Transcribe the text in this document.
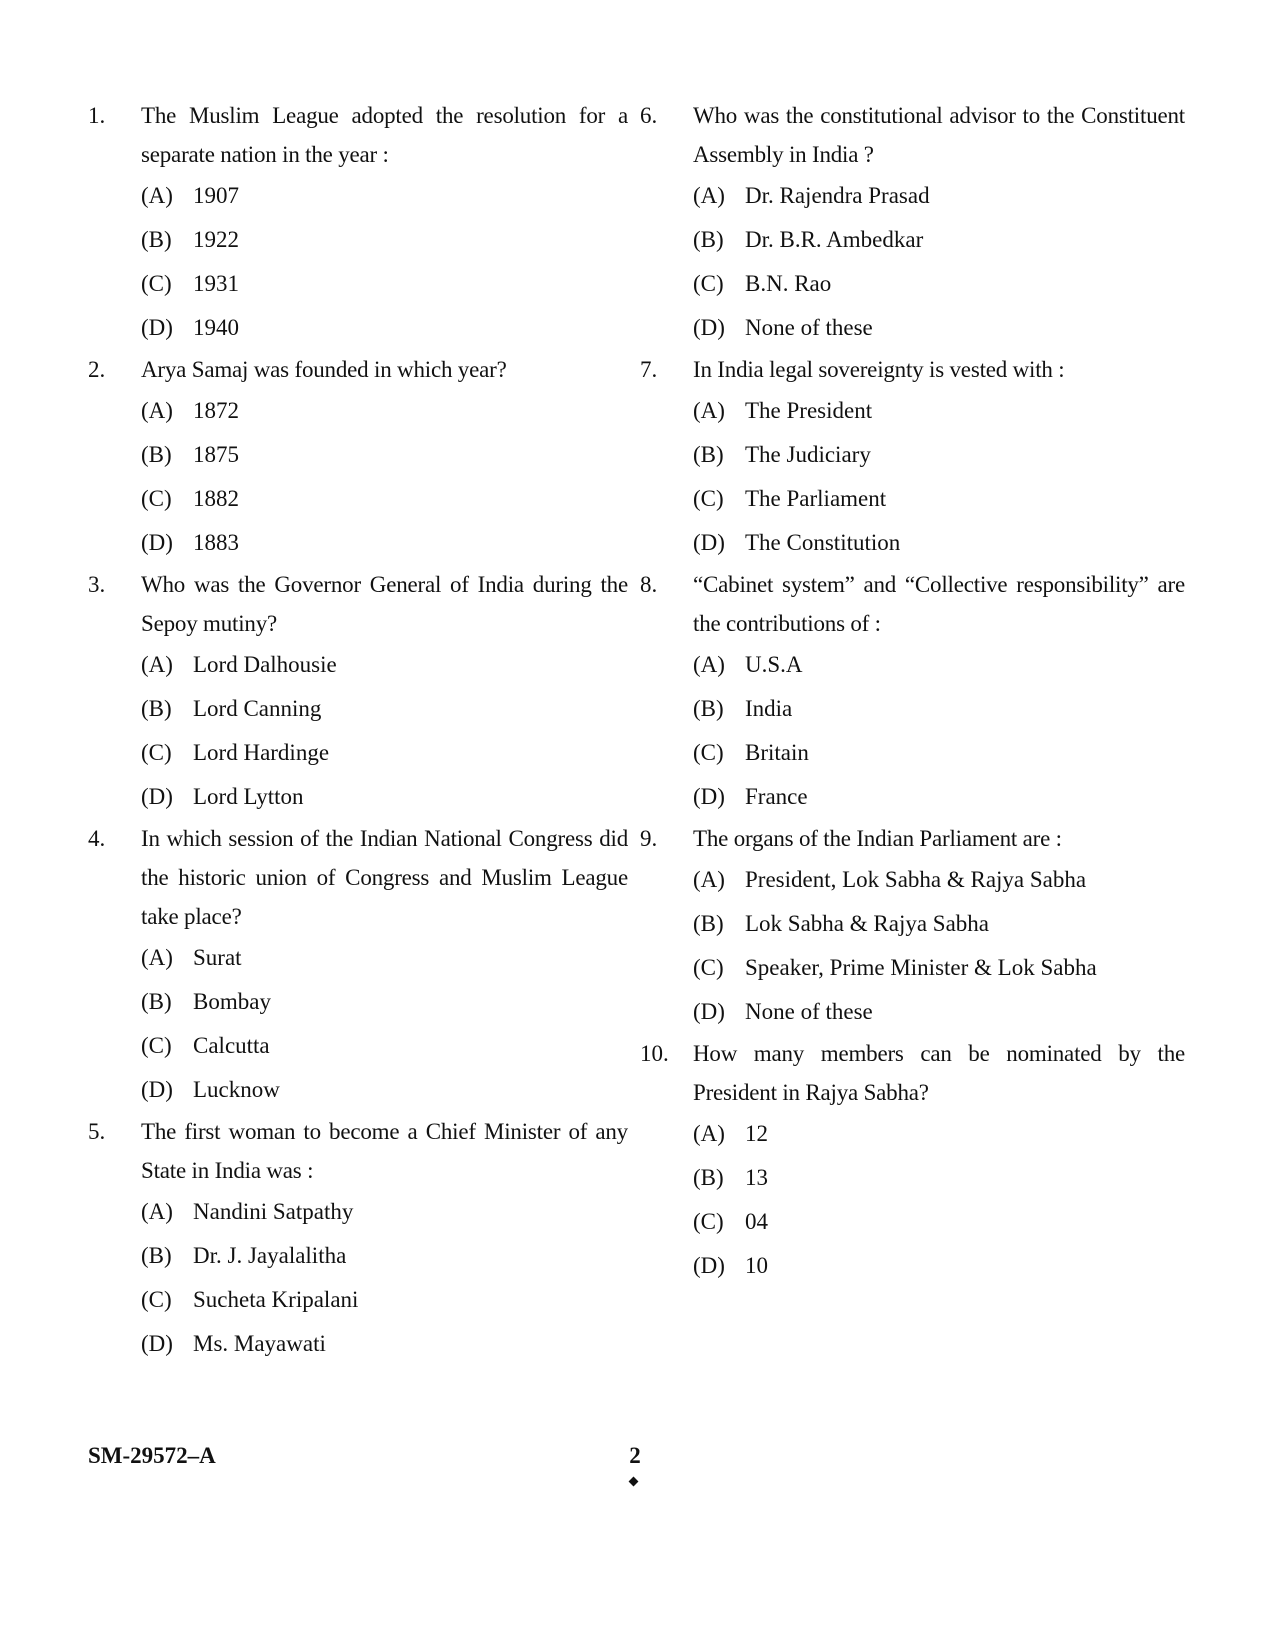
1. The Muslim League adopted the resolution for a separate nation in the year :
(A) 1907
(B) 1922
(C) 1931
(D) 1940
2. Arya Samaj was founded in which year?
(A) 1872
(B) 1875
(C) 1882
(D) 1883
3. Who was the Governor General of India during the Sepoy mutiny?
(A) Lord Dalhousie
(B) Lord Canning
(C) Lord Hardinge
(D) Lord Lytton
4. In which session of the Indian National Congress did the historic union of Congress and Muslim League take place?
(A) Surat
(B) Bombay
(C) Calcutta
(D) Lucknow
5. The first woman to become a Chief Minister of any State in India was :
(A) Nandini Satpathy
(B) Dr. J. Jayalalitha
(C) Sucheta Kripalani
(D) Ms. Mayawati
6. Who was the constitutional advisor to the Constituent Assembly in India ?
(A) Dr. Rajendra Prasad
(B) Dr. B.R. Ambedkar
(C) B.N. Rao
(D) None of these
7. In India legal sovereignty is vested with :
(A) The President
(B) The Judiciary
(C) The Parliament
(D) The Constitution
8. “Cabinet system” and “Collective responsibility” are the contributions of :
(A) U.S.A
(B) India
(C) Britain
(D) France
9. The organs of the Indian Parliament are :
(A) President, Lok Sabha & Rajya Sabha
(B) Lok Sabha & Rajya Sabha
(C) Speaker, Prime Minister & Lok Sabha
(D) None of these
10. How many members can be nominated by the President in Rajya Sabha?
(A) 12
(B) 13
(C) 04
(D) 10
SM-29572–A	2
